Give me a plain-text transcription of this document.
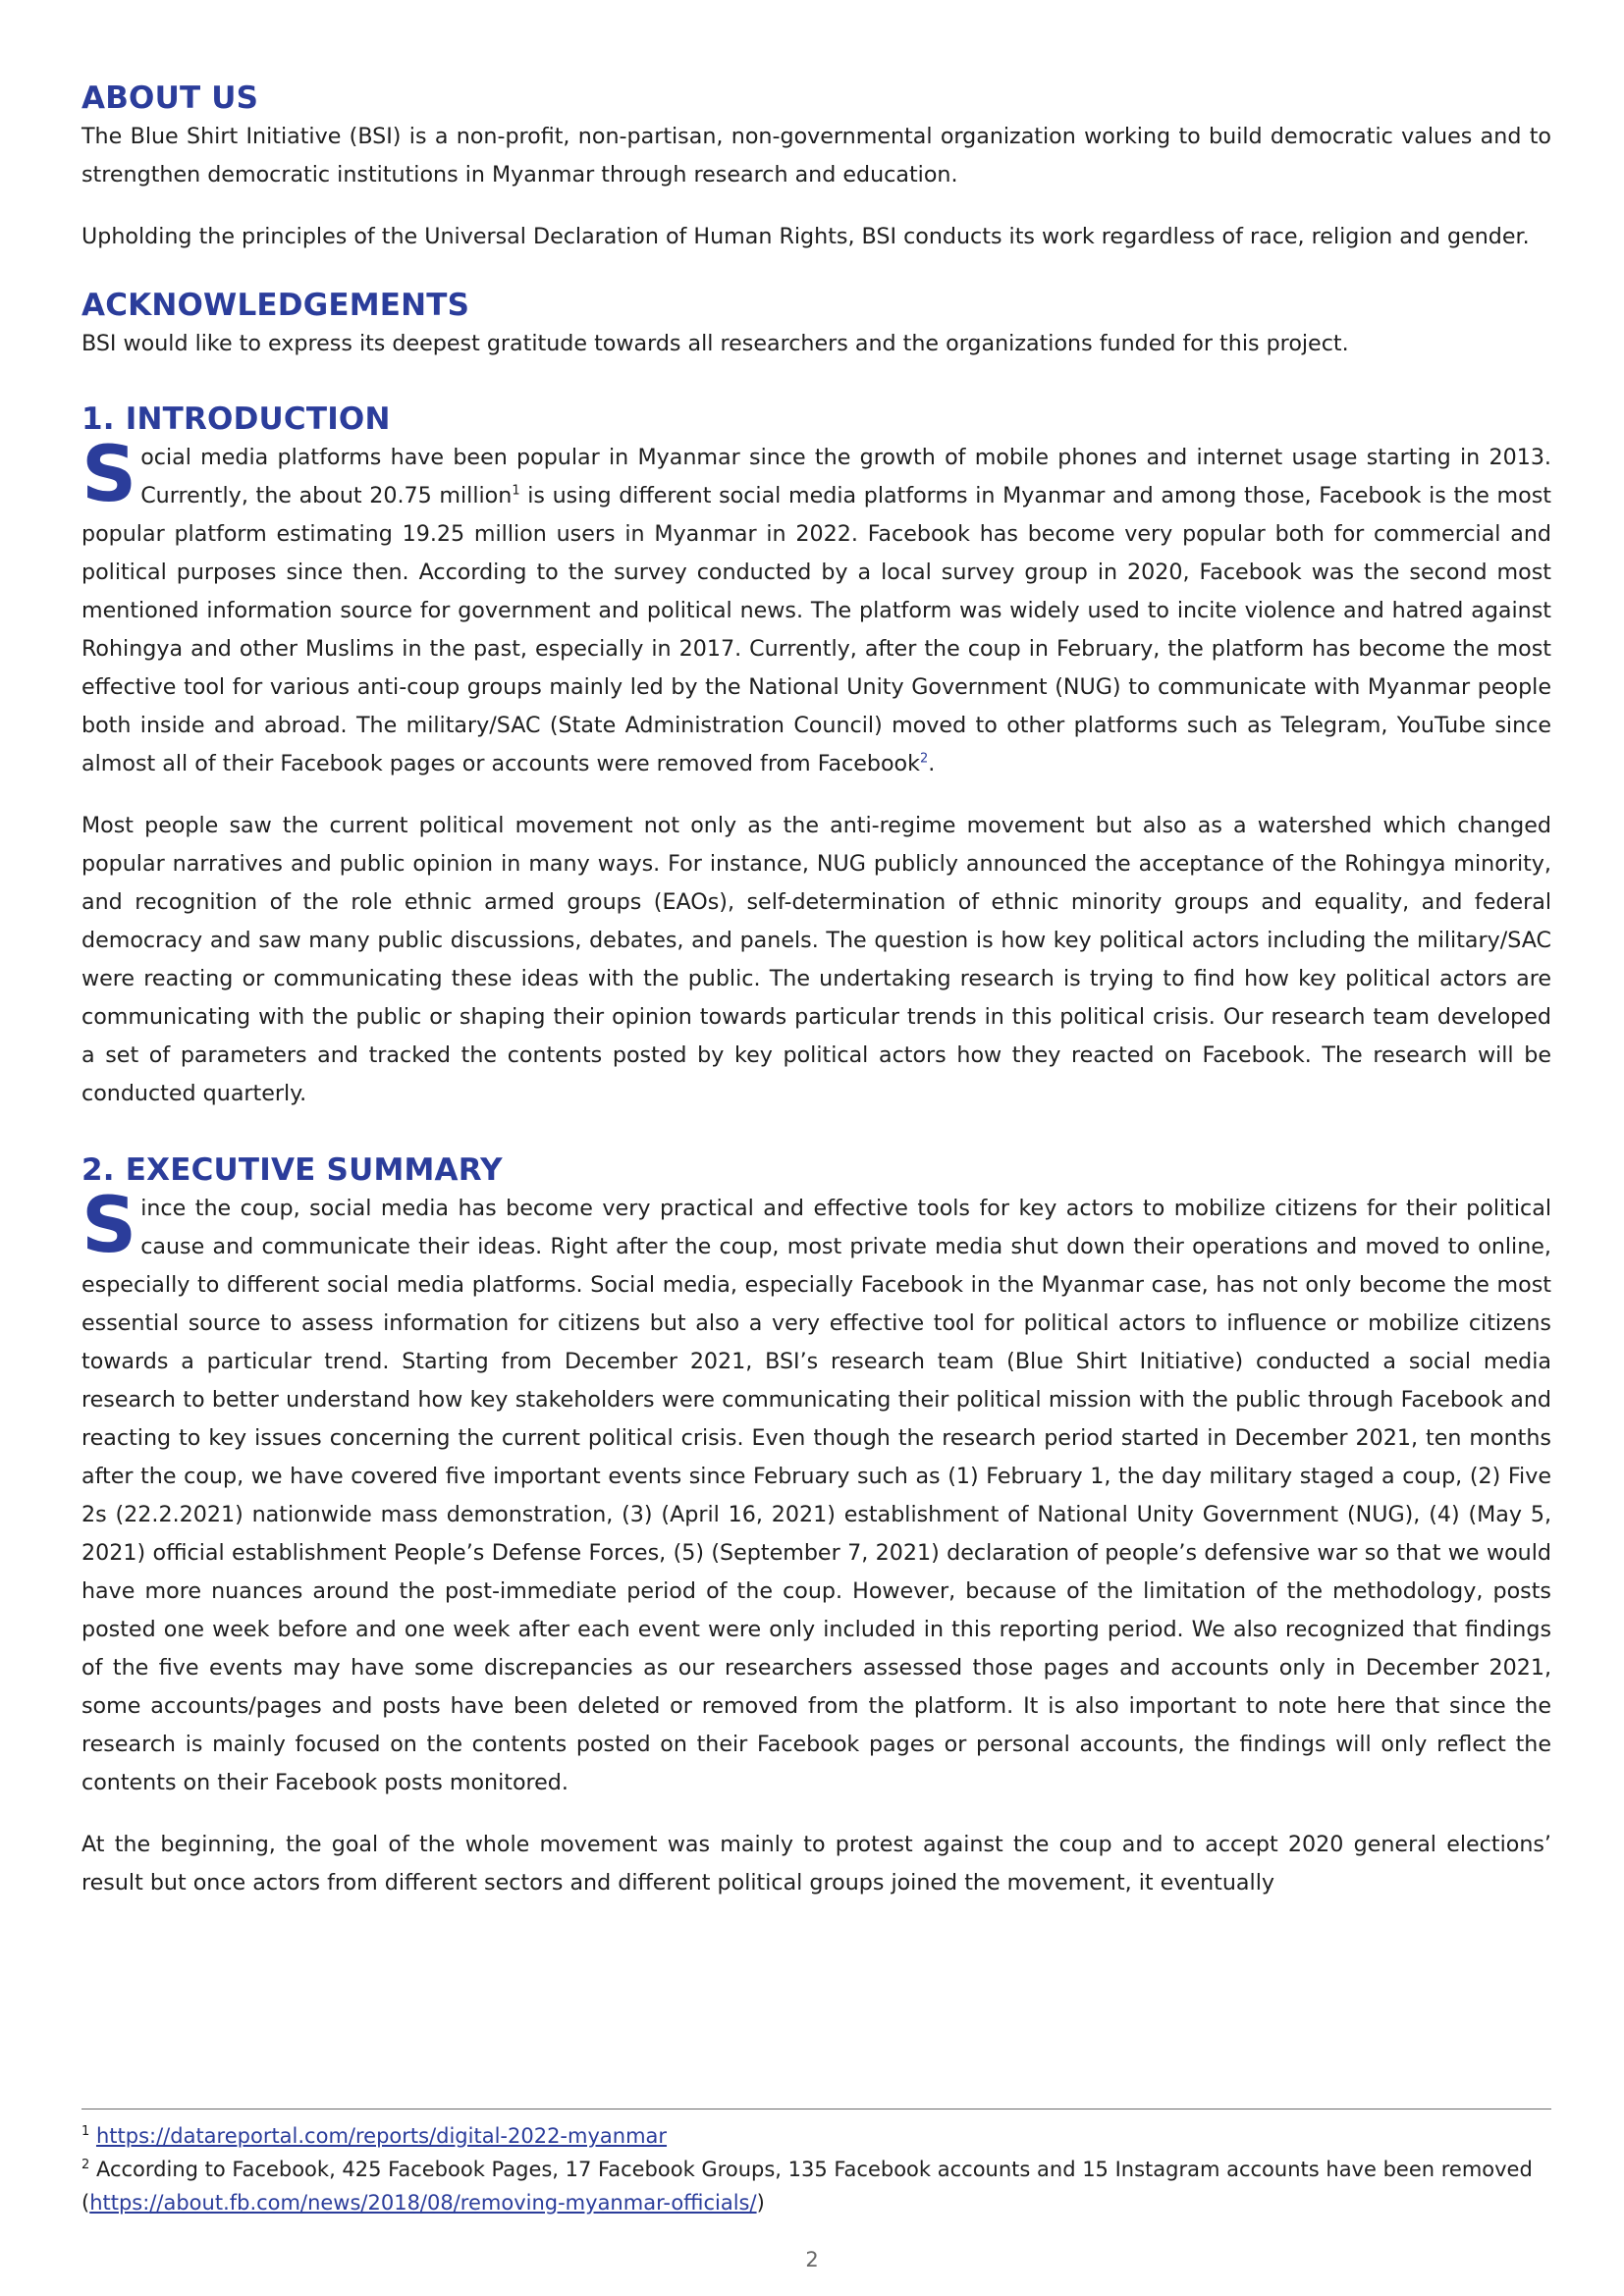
ABOUT US

The Blue Shirt Initiative (BSI) is a non-profit, non-partisan, non-governmental organization working to build democratic values and to strengthen democratic institutions in Myanmar through research and education.

Upholding the principles of the Universal Declaration of Human Rights, BSI conducts its work regardless of race, religion and gender.

ACKNOWLEDGEMENTS

BSI would like to express its deepest gratitude towards all researchers and the organizations funded for this project.

1. INTRODUCTION

Social media platforms have been popular in Myanmar since the growth of mobile phones and internet usage starting in 2013. Currently, the about 20.75 million$^1$ is using different social media platforms in Myanmar and among those, Facebook is the most popular platform estimating 19.25 million users in Myanmar in 2022. Facebook has become very popular both for commercial and political purposes since then. According to the survey conducted by a local survey group in 2020, Facebook was the second most mentioned information source for government and political news. The platform was widely used to incite violence and hatred against Rohingya and other Muslims in the past, especially in 2017. Currently, after the coup in February, the platform has become the most effective tool for various anti-coup groups mainly led by the National Unity Government (NUG) to communicate with Myanmar people both inside and abroad. The military/SAC (State Administration Council) moved to other platforms such as Telegram, YouTube since almost all of their Facebook pages or accounts were removed from Facebook$^2$.

Most people saw the current political movement not only as the anti-regime movement but also as a watershed which changed popular narratives and public opinion in many ways. For instance, NUG publicly announced the acceptance of the Rohingya minority, and recognition of the role ethnic armed groups (EAOs), self-determination of ethnic minority groups and equality, and federal democracy and saw many public discussions, debates, and panels. The question is how key political actors including the military/SAC were reacting or communicating these ideas with the public. The undertaking research is trying to find how key political actors are communicating with the public or shaping their opinion towards particular trends in this political crisis. Our research team developed a set of parameters and tracked the contents posted by key political actors how they reacted on Facebook. The research will be conducted quarterly.

2. EXECUTIVE SUMMARY

Since the coup, social media has become very practical and effective tools for key actors to mobilize citizens for their political cause and communicate their ideas. Right after the coup, most private media shut down their operations and moved to online, especially to different social media platforms. Social media, especially Facebook in the Myanmar case, has not only become the most essential source to assess information for citizens but also a very effective tool for political actors to influence or mobilize citizens towards a particular trend. Starting from December 2021, BSI’s research team (Blue Shirt Initiative) conducted a social media research to better understand how key stakeholders were communicating their political mission with the public through Facebook and reacting to key issues concerning the current political crisis. Even though the research period started in December 2021, ten months after the coup, we have covered five important events since February such as (1) February 1, the day military staged a coup, (2) Five 2s (22.2.2021) nationwide mass demonstration, (3) (April 16, 2021) establishment of National Unity Government (NUG), (4) (May 5, 2021) official establishment People’s Defense Forces, (5) (September 7, 2021) declaration of people’s defensive war so that we would have more nuances around the post-immediate period of the coup. However, because of the limitation of the methodology, posts posted one week before and one week after each event were only included in this reporting period. We also recognized that findings of the five events may have some discrepancies as our researchers assessed those pages and accounts only in December 2021, some accounts/pages and posts have been deleted or removed from the platform. It is also important to note here that since the research is mainly focused on the contents posted on their Facebook pages or personal accounts, the findings will only reflect the contents on their Facebook posts monitored.

At the beginning, the goal of the whole movement was mainly to protest against the coup and to accept 2020 general elections’ result but once actors from different sectors and different political groups joined the movement, it eventually

$^1$ https://datareportal.com/reports/digital-2022-myanmar

$^2$ According to Facebook, 425 Facebook Pages, 17 Facebook Groups, 135 Facebook accounts and 15 Instagram accounts have been removed (https://about.fb.com/news/2018/08/removing-myanmar-officials/)

2
